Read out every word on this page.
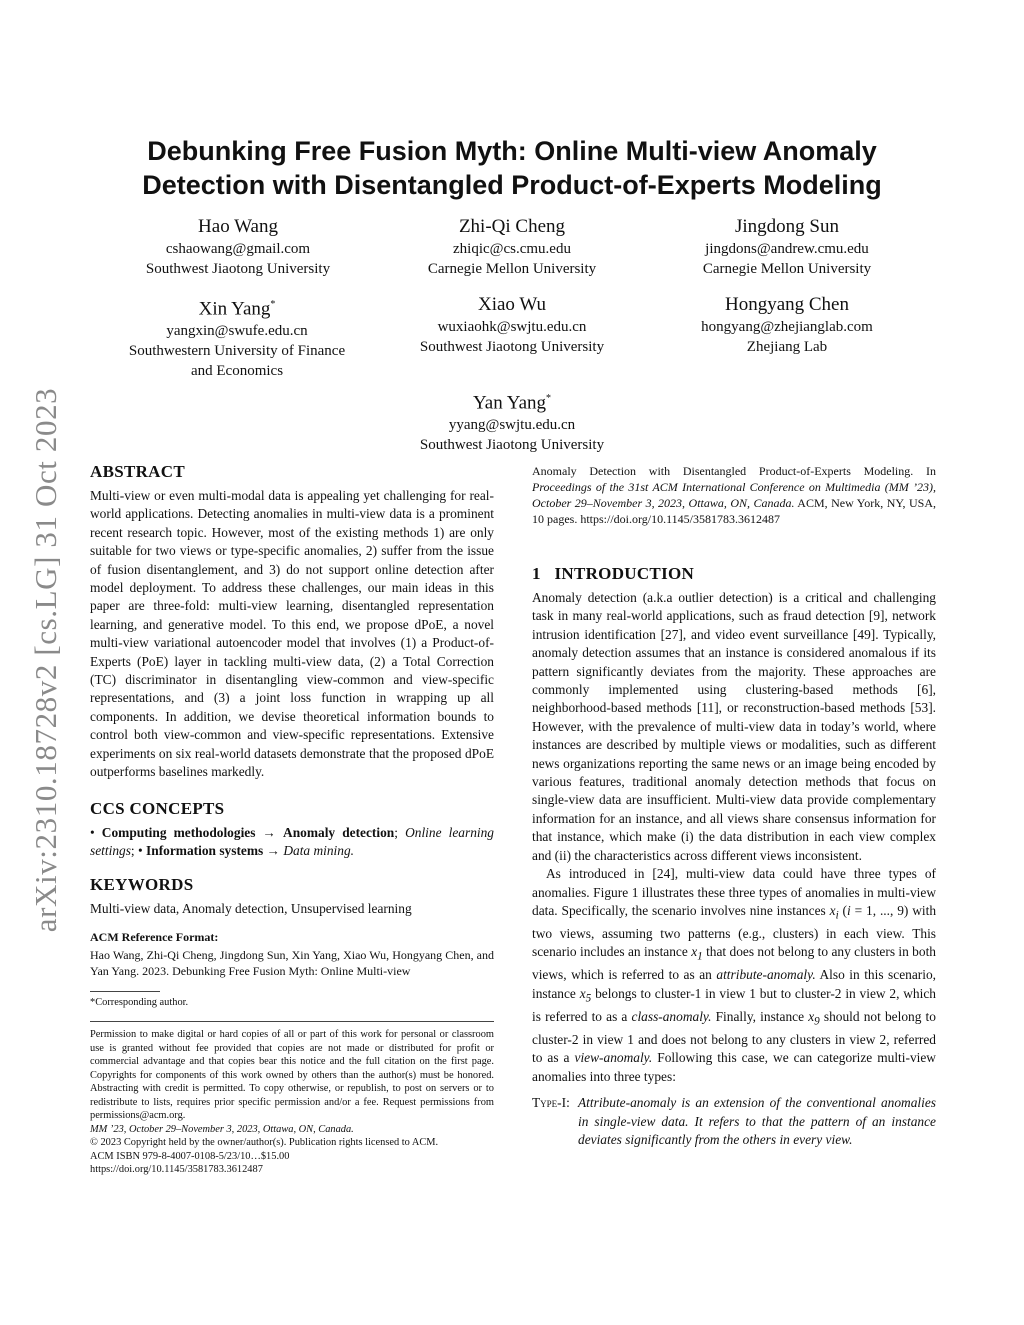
arXiv:2310.18728v2 [cs.LG] 31 Oct 2023
Debunking Free Fusion Myth: Online Multi-view Anomaly
Detection with Disentangled Product-of-Experts Modeling
Hao Wang
cshaowang@gmail.com
Southwest Jiaotong University
Zhi-Qi Cheng
zhiqic@cs.cmu.edu
Carnegie Mellon University
Jingdong Sun
jingdons@andrew.cmu.edu
Carnegie Mellon University
Xin Yang*
yangxin@swufe.edu.cn
Southwestern University of Finance
and Economics
Xiao Wu
wuxiaohk@swjtu.edu.cn
Southwest Jiaotong University
Hongyang Chen
hongyang@zhejianglab.com
Zhejiang Lab
Yan Yang*
yyang@swjtu.edu.cn
Southwest Jiaotong University
ABSTRACT

Multi-view or even multi-modal data is appealing yet challenging for real-world applications. Detecting anomalies in multi-view data is a prominent recent research topic. However, most of the existing methods 1) are only suitable for two views or type-specific anomalies, 2) suffer from the issue of fusion disentanglement, and 3) do not support online detection after model deployment. To address these challenges, our main ideas in this paper are three-fold: multi-view learning, disentangled representation learning, and generative model. To this end, we propose dPoE, a novel multi-view variational autoencoder model that involves (1) a Product-of-Experts (PoE) layer in tackling multi-view data, (2) a Total Correction (TC) discriminator in disentangling view-common and view-specific representations, and (3) a joint loss function in wrapping up all components. In addition, we devise theoretical information bounds to control both view-common and view-specific representations. Extensive experiments on six real-world datasets demonstrate that the proposed dPoE outperforms baselines markedly.

CCS CONCEPTS

• Computing methodologies → Anomaly detection; Online learning settings; • Information systems → Data mining.

KEYWORDS

Multi-view data, Anomaly detection, Unsupervised learning

ACM Reference Format:

Hao Wang, Zhi-Qi Cheng, Jingdong Sun, Xin Yang, Xiao Wu, Hongyang Chen, and Yan Yang. 2023. Debunking Free Fusion Myth: Online Multi-view

*Corresponding author.

Permission to make digital or hard copies of all or part of this work for personal or classroom use is granted without fee provided that copies are not made or distributed for profit or commercial advantage and that copies bear this notice and the full citation on the first page. Copyrights for components of this work owned by others than the author(s) must be honored. Abstracting with credit is permitted. To copy otherwise, or republish, to post on servers or to redistribute to lists, requires prior specific permission and/or a fee. Request permissions from permissions@acm.org.

MM ’23, October 29–November 3, 2023, Ottawa, ON, Canada.

© 2023 Copyright held by the owner/author(s). Publication rights licensed to ACM.

ACM ISBN 979-8-4007-0108-5/23/10…$15.00

https://doi.org/10.1145/3581783.3612487

Anomaly Detection with Disentangled Product-of-Experts Modeling. In Proceedings of the 31st ACM International Conference on Multimedia (MM ’23), October 29–November 3, 2023, Ottawa, ON, Canada. ACM, New York, NY, USA, 10 pages. https://doi.org/10.1145/3581783.3612487

1 INTRODUCTION

Anomaly detection (a.k.a outlier detection) is a critical and challenging task in many real-world applications, such as fraud detection [9], network intrusion identification [27], and video event surveillance [49]. Typically, anomaly detection assumes that an instance is considered anomalous if its pattern significantly deviates from the majority. These approaches are commonly implemented using clustering-based methods [6], neighborhood-based methods [11], or reconstruction-based methods [53]. However, with the prevalence of multi-view data in today’s world, where instances are described by multiple views or modalities, such as different news organizations reporting the same news or an image being encoded by various features, traditional anomaly detection methods that focus on single-view data are insufficient. Multi-view data provide complementary information for an instance, and all views share consensus information for that instance, which make (i) the data distribution in each view complex and (ii) the characteristics across different views inconsistent.

As introduced in [24], multi-view data could have three types of anomalies. Figure 1 illustrates these three types of anomalies in multi-view data. Specifically, the scenario involves nine instances $x_i$ (i = 1, ..., 9) with two views, assuming two patterns (e.g., clusters) in each view. This scenario includes an instance $x_1$ that does not belong to any clusters in both views, which is referred to as an attribute-anomaly. Also in this scenario, instance $x_5$ belongs to cluster-1 in view 1 but to cluster-2 in view 2, which is referred to as a class-anomaly. Finally, instance $x_9$ should not belong to cluster-2 in view 1 and does not belong to any clusters in view 2, referred to as a view-anomaly. Following this case, we can categorize multi-view anomalies into three types:

Type-I: Attribute-anomaly is an extension of the conventional anomalies in single-view data. It refers to that the pattern of an instance deviates significantly from the others in every view.
